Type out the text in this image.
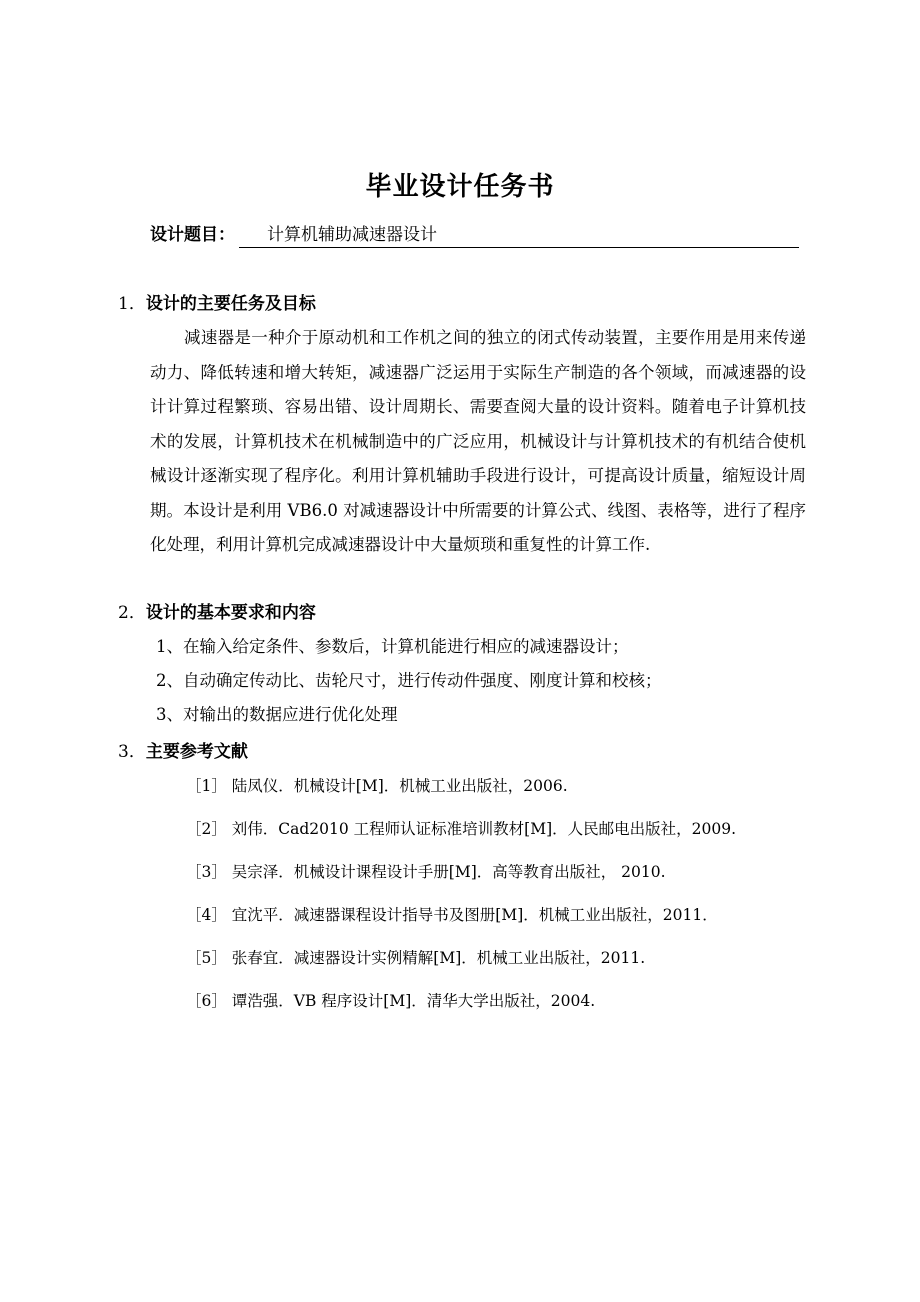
毕业设计任务书
设计题目：	计算机辅助减速器设计
1．设计的主要任务及目标
减速器是一种介于原动机和工作机之间的独立的闭式传动装置，主要作用是用来传递动力、降低转速和增大转矩，减速器广泛运用于实际生产制造的各个领域，而减速器的设计计算过程繁琐、容易出错、设计周期长、需要查阅大量的设计资料。随着电子计算机技术的发展，计算机技术在机械制造中的广泛应用，机械设计与计算机技术的有机结合使机械设计逐渐实现了程序化。利用计算机辅助手段进行设计，可提高设计质量，缩短设计周期。本设计是利用 VB6.0 对减速器设计中所需要的计算公式、线图、表格等，进行了程序化处理，利用计算机完成减速器设计中大量烦琐和重复性的计算工作.
2．设计的基本要求和内容
1、在输入给定条件、参数后，计算机能进行相应的减速器设计；
2、自动确定传动比、齿轮尺寸，进行传动件强度、刚度计算和校核；
3、对输出的数据应进行优化处理
3．主要参考文献
［1］ 陆凤仪．机械设计[M]．机械工业出版社，2006.
［2］ 刘伟．Cad2010 工程师认证标准培训教材[M]．人民邮电出版社，2009.
［3］ 吴宗泽．机械设计课程设计手册[M]．高等教育出版社， 2010.
［4］ 宜沈平．减速器课程设计指导书及图册[M]．机械工业出版社，2011．
［5］ 张春宜．减速器设计实例精解[M]．机械工业出版社，2011.
［6］ 谭浩强．VB 程序设计[M]．清华大学出版社，2004.
